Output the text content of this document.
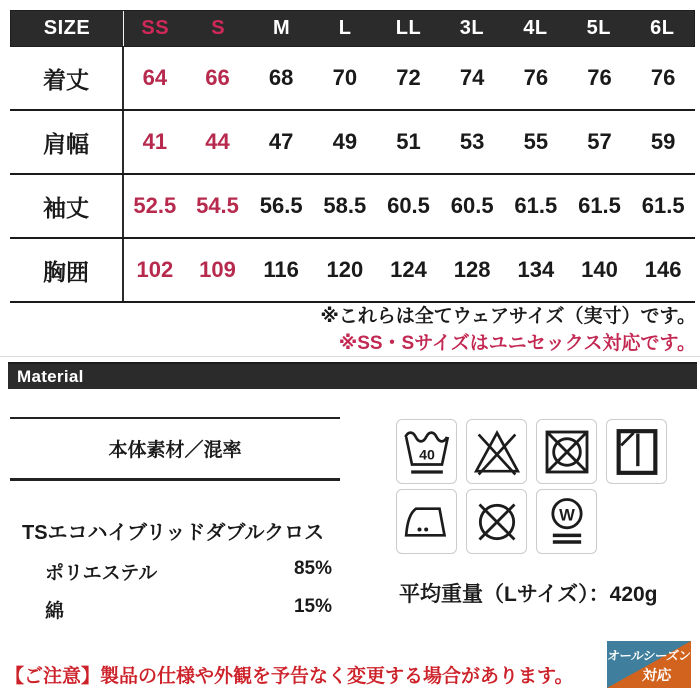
SIZE	SS	S	M	L	LL	3L	4L	5L	6L
着丈	64	66	68	70	72	74	76	76	76
肩幅	41	44	47	49	51	53	55	57	59
袖丈	52.5 54.5 56.5 58.5 60.5 60.5 61.5 61.5 61.5
胸囲	102	109	116	120	124	128	134	140	146
※これらは全てウェアサイズ（実寸）です。
※SS・Sサイズはユニセックス対応です。
Material
本体素材／混率	40
W
TSエコハイブリッドダブルクロス
ポリエステル	85%
綿	15%
平均重量（Lサイズ）：420g
【ご注意】製品の仕様や外観を予告なく変更する場合があります。
オールシーズン
対応
